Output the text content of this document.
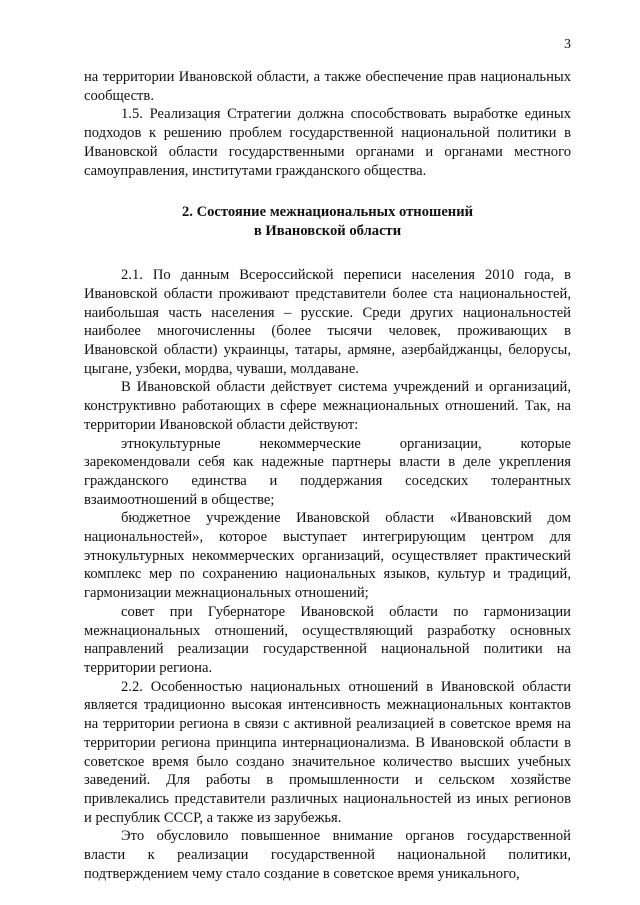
3

на территории Ивановской области, а также обеспечение прав национальных сообществ.

1.5. Реализация Стратегии должна способствовать выработке единых подходов к решению проблем государственной национальной политики в Ивановской области государственными органами и органами местного самоуправления, институтами гражданского общества.

2. Состояние межнациональных отношений
в Ивановской области

2.1. По данным Всероссийской переписи населения 2010 года, в Ивановской области проживают представители более ста национальностей, наибольшая часть населения – русские. Среди других национальностей наиболее многочисленны (более тысячи человек, проживающих в Ивановской области) украинцы, татары, армяне, азербайджанцы, белорусы, цыгане, узбеки, мордва, чуваши, молдаване.

В Ивановской области действует система учреждений и организаций, конструктивно работающих в сфере межнациональных отношений. Так, на территории Ивановской области действуют:

этнокультурные некоммерческие организации, которые зарекомендовали себя как надежные партнеры власти в деле укрепления гражданского единства и поддержания соседских толерантных взаимоотношений в обществе;

бюджетное учреждение Ивановской области «Ивановский дом национальностей», которое выступает интегрирующим центром для этнокультурных некоммерческих организаций, осуществляет практический комплекс мер по сохранению национальных языков, культур и традиций, гармонизации межнациональных отношений;

совет при Губернаторе Ивановской области по гармонизации межнациональных отношений, осуществляющий разработку основных направлений реализации государственной национальной политики на территории региона.

2.2. Особенностью национальных отношений в Ивановской области является традиционно высокая интенсивность межнациональных контактов на территории региона в связи с активной реализацией в советское время на территории региона принципа интернационализма. В Ивановской области в советское время было создано значительное количество высших учебных заведений. Для работы в промышленности и сельском хозяйстве привлекались представители различных национальностей из иных регионов и республик СССР, а также из зарубежья.

Это обусловило повышенное внимание органов государственной власти к реализации государственной национальной политики, подтверждением чему стало создание в советское время уникального,
